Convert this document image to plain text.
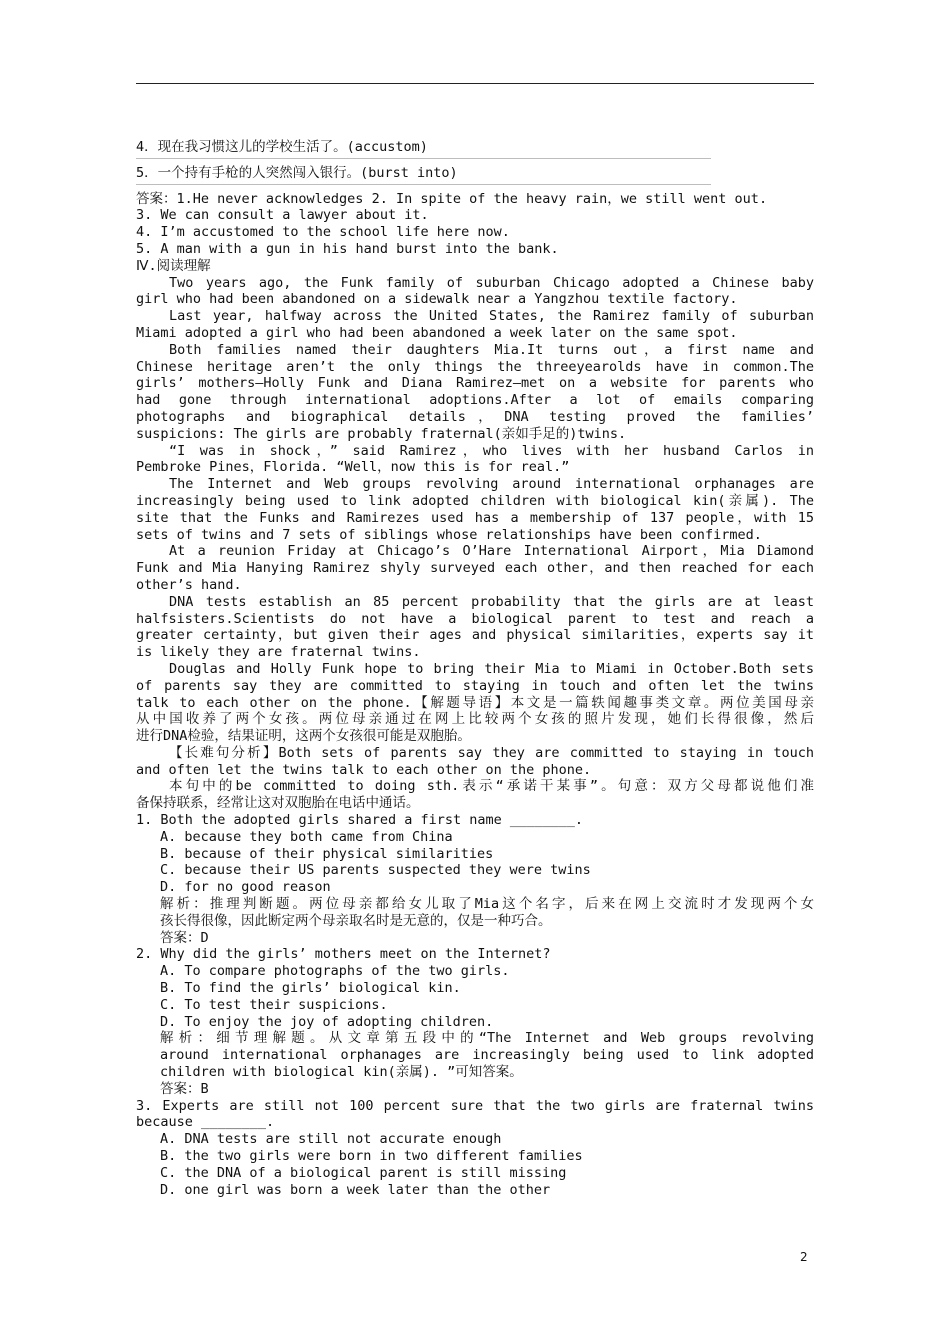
4．现在我习惯这儿的学校生活了。(accustom)
5．一个持有手枪的人突然闯入银行。(burst into)
答案：1.He never acknowledges 2. In spite of the heavy rain，we still went out.
3. We can consult a lawyer about it.
4. I’m accustomed to the school life here now.
5. A man with a gun in his hand burst into the bank.
Ⅳ.阅读理解
Two years ago, the Funk family of suburban Chicago adopted a Chinese baby
girl who had been abandoned on a sidewalk near a Yangzhou textile factory.
Last year, halfway across the United States, the Ramirez family of suburban
Miami adopted a girl who had been abandoned a week later on the same spot.
Both families named their daughters Mia.It turns out，a first name and
Chinese heritage aren’t the only things the threeyearolds have in common.The
girls’ mothers—Holly Funk and Diana Ramirez—met on a website for parents who
had gone through international adoptions.After a lot of emails comparing
photographs and biographical details，DNA testing proved the families’
suspicions: The girls are probably fraternal(亲如手足的)twins.
“I was in shock，” said Ramirez，who lives with her husband Carlos in
Pembroke Pines，Florida. “Well，now this is for real.”
The Internet and Web groups revolving around international orphanages are
increasingly being used to link adopted children with biological kin(亲属). The
site that the Funks and Ramirezes used has a membership of 137 people，with 15
sets of twins and 7 sets of siblings whose relationships have been confirmed.
At a reunion Friday at Chicago’s O’Hare International Airport，Mia Diamond
Funk and Mia Hanying Ramirez shyly surveyed each other，and then reached for each
other’s hand.
DNA tests establish an 85 percent probability that the girls are at least
halfsisters.Scientists do not have a biological parent to test and reach a
greater certainty，but given their ages and physical similarities，experts say it
is likely they are fraternal twins.
Douglas and Holly Funk hope to bring their Mia to Miami in October.Both sets
of parents say they are committed to staying in touch and often let the twins
talk to each other on the phone.【解题导语】本文是一篇轶闻趣事类文章。两位美国母亲
从中国收养了两个女孩。两位母亲通过在网上比较两个女孩的照片发现，她们长得很像，然后
进行DNA检验，结果证明，这两个女孩很可能是双胞胎。
【长难句分析】Both sets of parents say they are committed to staying in touch
and often let the twins talk to each other on the phone.
本句中的be committed to doing sth.表示“承诺干某事”。句意：双方父母都说他们准
备保持联系，经常让这对双胞胎在电话中通话。
1. Both the adopted girls shared a first name ________.
A. because they both came from China
B. because of their physical similarities
C. because their US parents suspected they were twins
D. for no good reason
解析：推理判断题。两位母亲都给女儿取了Mia这个名字，后来在网上交流时才发现两个女
孩长得很像，因此断定两个母亲取名时是无意的，仅是一种巧合。
答案：D
2. Why did the girls’ mothers meet on the Internet?
A. To compare photographs of the two girls.
B. To find the girls’ biological kin.
C. To test their suspicions.
D. To enjoy the joy of adopting children.
解析：细节理解题。从文章第五段中的“The Internet and Web groups revolving
around international orphanages are increasingly being used to link adopted
children with biological kin(亲属). ”可知答案。
答案：B
3. Experts are still not 100 percent sure that the two girls are fraternal twins
because ________.
A. DNA tests are still not accurate enough
B. the two girls were born in two different families
C. the DNA of a biological parent is still missing
D. one girl was born a week later than the other
2
